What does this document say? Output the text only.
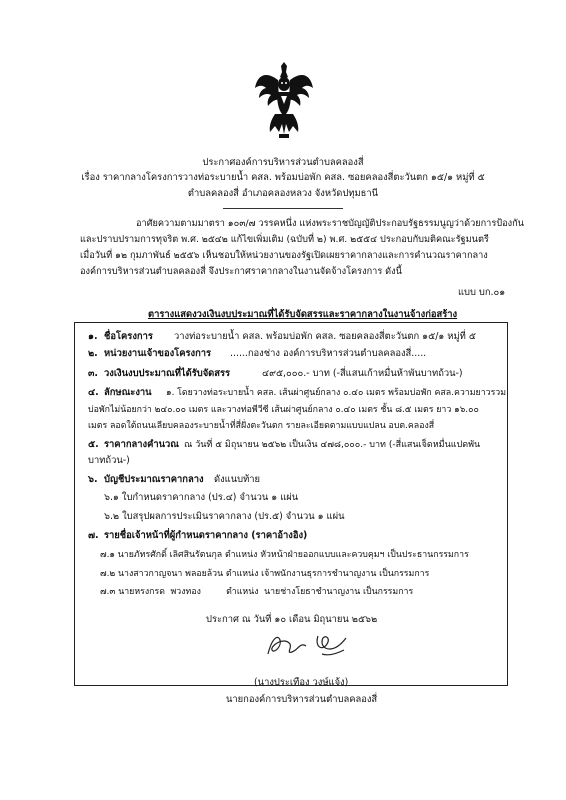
ประกาศองค์การบริหารส่วนตำบลคลองสี่
เรื่อง ราคากลางโครงการวางท่อระบายน้ำ คสล. พร้อมบ่อพัก คสล. ซอยคลองสี่ตะวันตก ๑๕/๑ หมู่ที่ ๕
ตำบลคลองสี่ อำเภอคลองหลวง จังหวัดปทุมธานี
อาศัยความตามมาตรา ๑๐๓/๗ วรรคหนึ่ง แห่งพระราชบัญญัติประกอบรัฐธรรมนูญว่าด้วยการป้องกัน
และปราบปรามการทุจริต พ.ศ. ๒๕๔๒ แก้ไขเพิ่มเติม (ฉบับที่ ๒) พ.ศ. ๒๕๕๔ ประกอบกับมติคณะรัฐมนตรี
เมื่อวันที่ ๑๒ กุมภาพันธ์ ๒๕๕๖ เห็นชอบให้หน่วยงานของรัฐเปิดเผยราคากลางและการคำนวณราคากลาง
องค์การบริหารส่วนตำบลคลองสี่ จึงประกาศราคากลางในงานจัดจ้างโครงการ ดังนี้
แบบ บก.๐๑
ตารางแสดงวงเงินงบประมาณที่ได้รับจัดสรรและราคากลางในงานจ้างก่อสร้าง
๑. ชื่อโครงการ วางท่อระบายน้ำ คสล. พร้อมบ่อพัก คสล. ซอยคลองสี่ตะวันตก ๑๕/๑ หมู่ที่ ๕
๒. หน่วยงานเจ้าของโครงการ ......กองช่าง องค์การบริหารส่วนตำบลคลองสี่.....
๓. วงเงินงบประมาณที่ได้รับจัดสรร	๔๙๕,๐๐๐.- บาท (-สี่แสนเก้าหมื่นห้าพันบาทถ้วน-)
๔. ลักษณะงาน ๑. โดยวางท่อระบายน้ำ คสล. เส้นผ่าศูนย์กลาง ๐.๔๐ เมตร พร้อมบ่อพัก คสล.ความยาวรวม
บ่อพักไม่น้อยกว่า ๒๔๐.๐๐ เมตร และวางท่อพีวีซี เส้นผ่าศูนย์กลาง ๐.๔๐ เมตร ชั้น ๘.๕ เมตร ยาว ๑๖.๐๐
เมตร ลอดใต้ถนนเลียบคลองระบายน้ำที่สี่ฝั่งตะวันตก รายละเอียดตามแบบแปลน อบต.คลองสี่
๕. ราคากลางคำนวณ ณ วันที่ ๕ มิถุนายน ๒๕๖๒ เป็นเงิน ๔๗๘,๐๐๐.- บาท (-สี่แสนเจ็ดหมื่นแปดพัน
บาทถ้วน-)
๖. บัญชีประมาณราคากลาง ดังแนบท้าย
๖.๑ ใบกำหนดราคากลาง (ปร.๔) จำนวน ๑ แผ่น
๖.๒ ใบสรุปผลการประเมินราคากลาง (ปร.๕) จำนวน ๑ แผ่น
๗. รายชื่อเจ้าหน้าที่ผู้กำหนดราคากลาง (ราคาอ้างอิง)
๗.๑ นายภัทรศักดิ์ เลิศสินรัตนกุล ตำแหน่ง หัวหน้าฝ่ายออกแบบและควบคุมฯ เป็นประธานกรรมการ
๗.๒ นางสาวกาญจนา พลอยล้วน ตำแหน่ง เจ้าพนักงานธุรการชำนาญงาน เป็นกรรมการ
๗.๓ นายหรงกรด  พวงทอง         ตำแหน่ง  นายช่างโยธาชำนาญงาน เป็นกรรมการ
ประกาศ ณ วันที่ ๑๐ เดือน มิถุนายน ๒๕๖๒
(นางประเทือง วงษ์แจ้ง)
นายกองค์การบริหารส่วนตำบลคลองสี่
